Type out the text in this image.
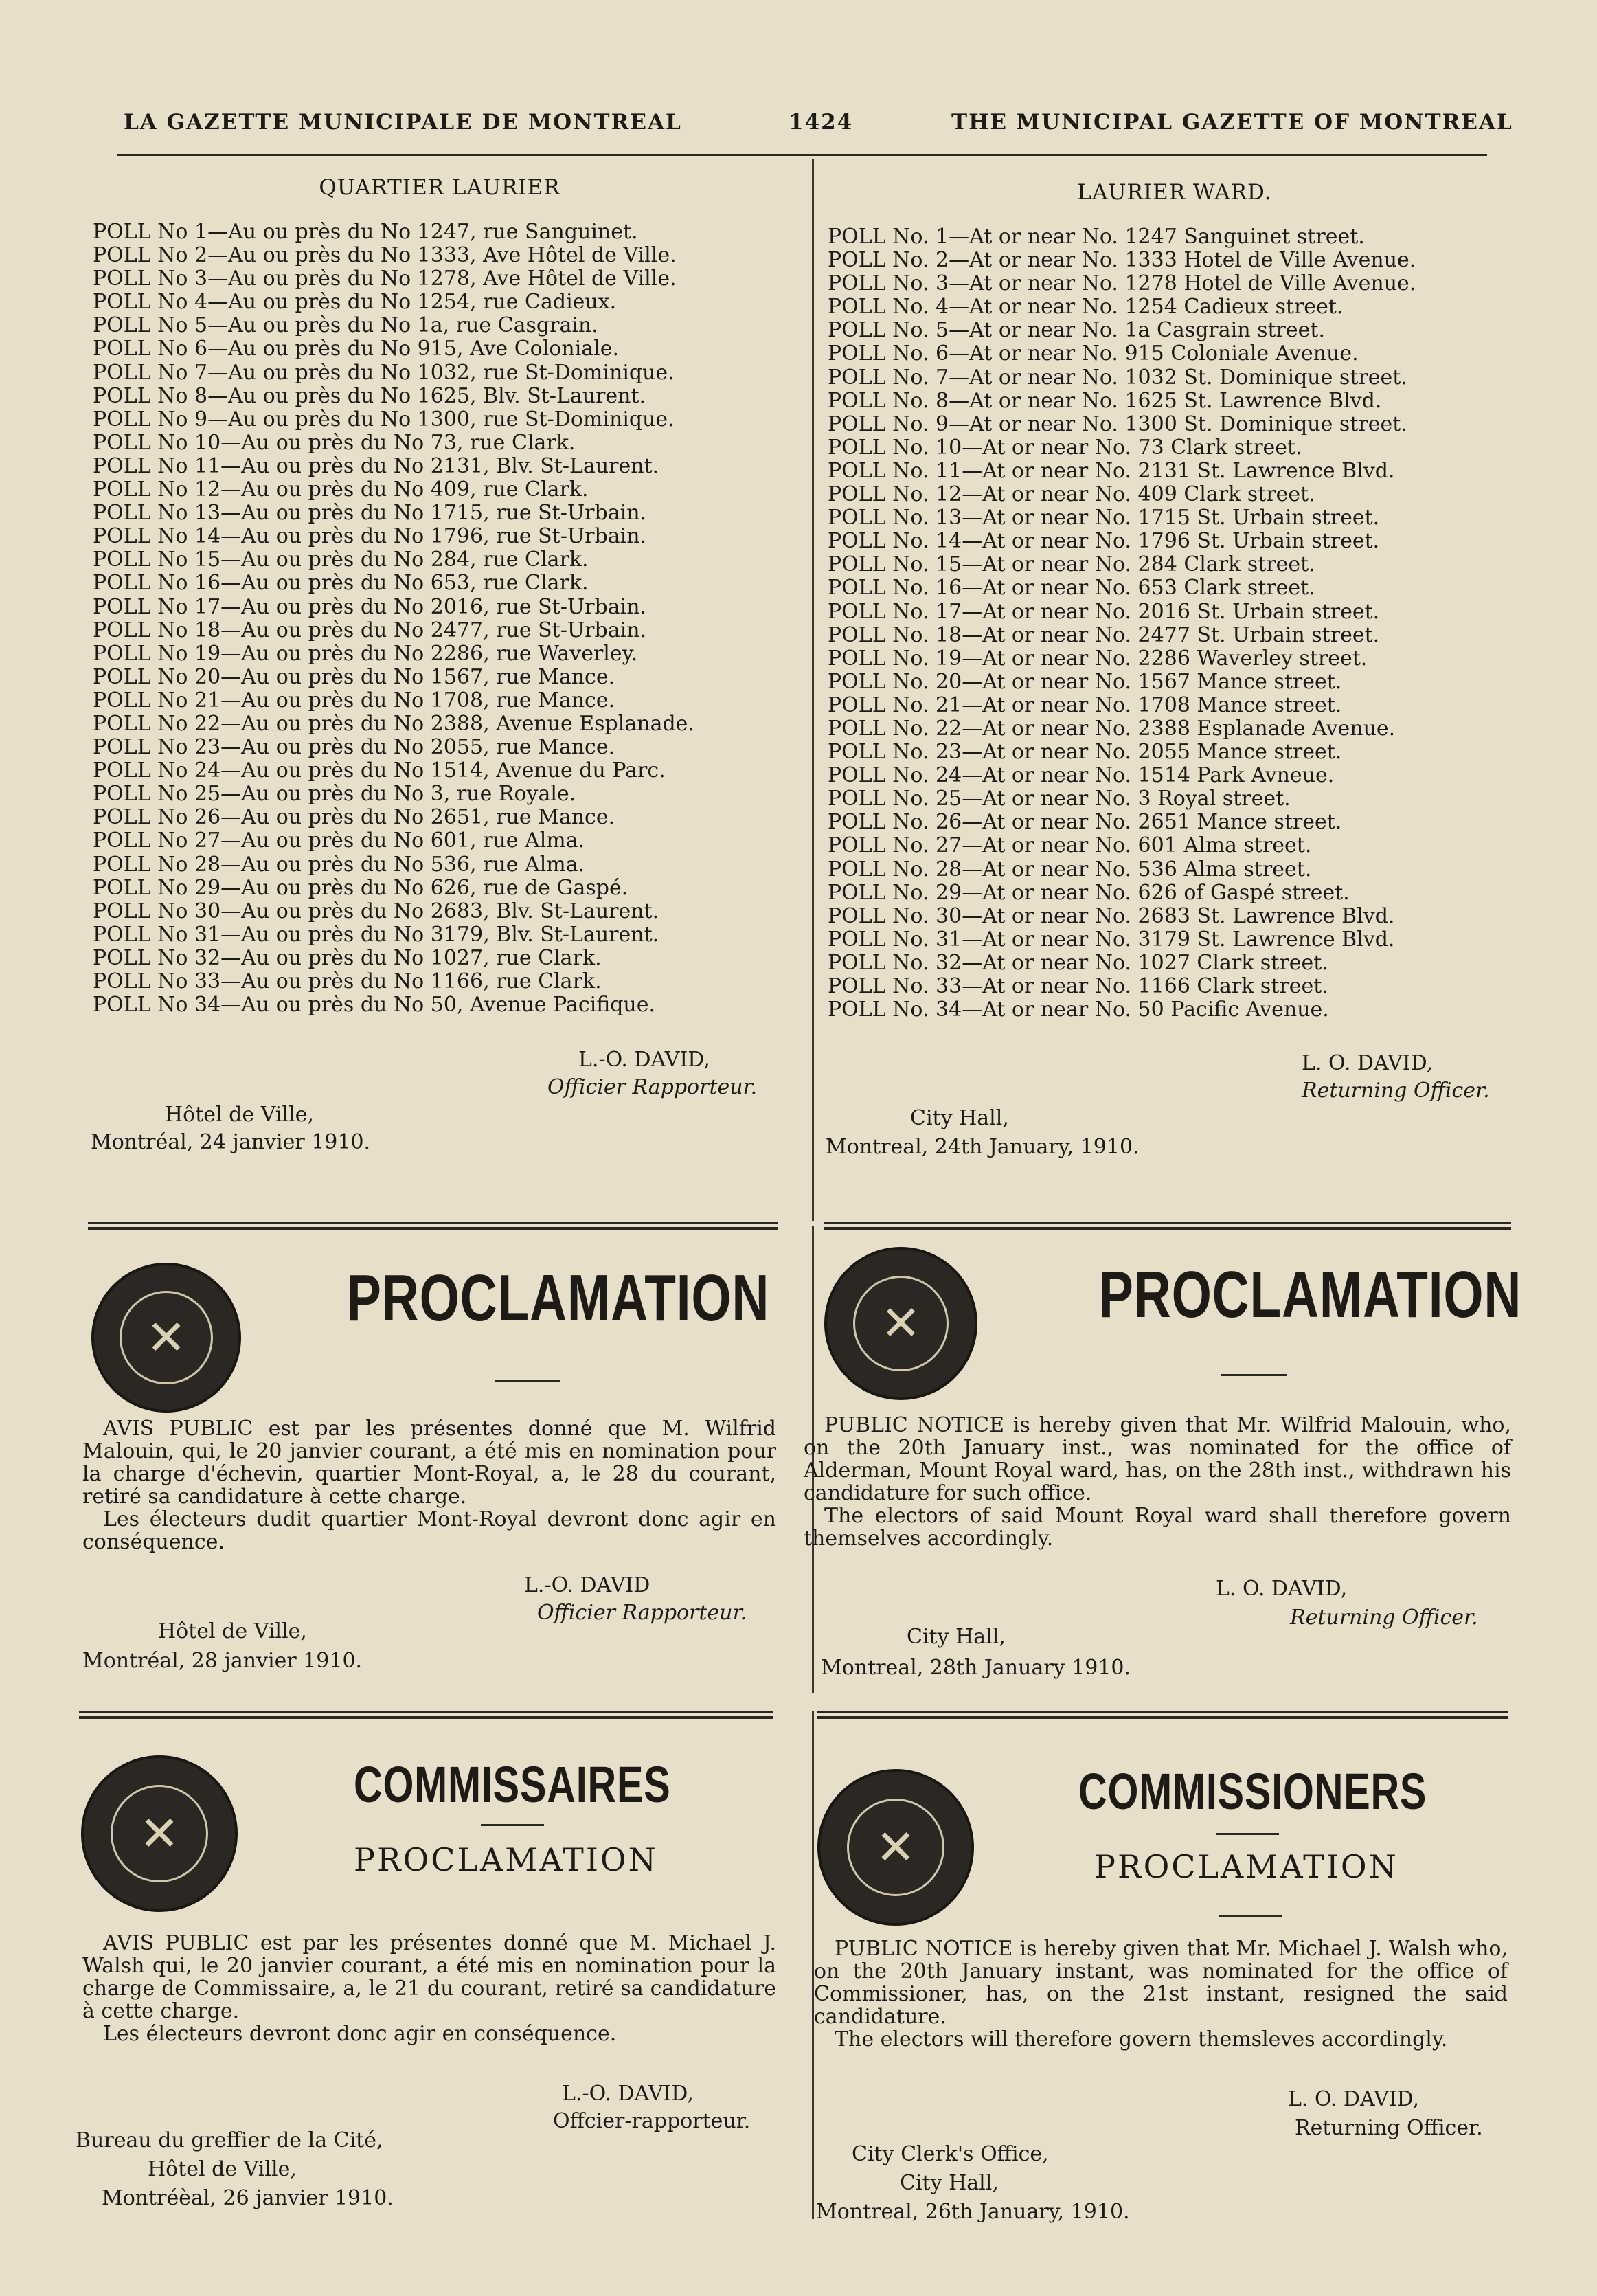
LA GAZETTE MUNICIPALE DE MONTREAL	1424	THE MUNICIPAL GAZETTE OF MONTREAL
QUARTIER LAURIER
POLL No 1—Au ou près du No 1247, rue Sanguinet.
POLL No 2—Au ou près du No 1333, Ave Hôtel de Ville.
POLL No 3—Au ou près du No 1278, Ave Hôtel de Ville.
POLL No 4—Au ou près du No 1254, rue Cadieux.
POLL No 5—Au ou près du No 1a, rue Casgrain.
POLL No 6—Au ou près du No 915, Ave Coloniale.
POLL No 7—Au ou près du No 1032, rue St-Dominique.
POLL No 8—Au ou près du No 1625, Blv. St-Laurent.
POLL No 9—Au ou près du No 1300, rue St-Dominique.
POLL No 10—Au ou près du No 73, rue Clark.
POLL No 11—Au ou près du No 2131, Blv. St-Laurent.
POLL No 12—Au ou près du No 409, rue Clark.
POLL No 13—Au ou près du No 1715, rue St-Urbain.
POLL No 14—Au ou près du No 1796, rue St-Urbain.
POLL No 15—Au ou près du No 284, rue Clark.
POLL No 16—Au ou près du No 653, rue Clark.
POLL No 17—Au ou près du No 2016, rue St-Urbain.
POLL No 18—Au ou près du No 2477, rue St-Urbain.
POLL No 19—Au ou près du No 2286, rue Waverley.
POLL No 20—Au ou près du No 1567, rue Mance.
POLL No 21—Au ou près du No 1708, rue Mance.
POLL No 22—Au ou près du No 2388, Avenue Esplanade.
POLL No 23—Au ou près du No 2055, rue Mance.
POLL No 24—Au ou près du No 1514, Avenue du Parc.
POLL No 25—Au ou près du No 3, rue Royale.
POLL No 26—Au ou près du No 2651, rue Mance.
POLL No 27—Au ou près du No 601, rue Alma.
POLL No 28—Au ou près du No 536, rue Alma.
POLL No 29—Au ou près du No 626, rue de Gaspé.
POLL No 30—Au ou près du No 2683, Blv. St-Laurent.
POLL No 31—Au ou près du No 3179, Blv. St-Laurent.
POLL No 32—Au ou près du No 1027, rue Clark.
POLL No 33—Au ou près du No 1166, rue Clark.
POLL No 34—Au ou près du No 50, Avenue Pacifique.
Officier Rapporteur.
L.-O. DAVID,
Hôtel de Ville,
Montréal, 24 janvier 1910.
LAURIER WARD.
POLL No. 1—At or near No. 1247 Sanguinet street.
POLL No. 2—At or near No. 1333 Hotel de Ville Avenue.
POLL No. 3—At or near No. 1278 Hotel de Ville Avenue.
POLL No. 4—At or near No. 1254 Cadieux street.
POLL No. 5—At or near No. 1a Casgrain street.
POLL No. 6—At or near No. 915 Coloniale Avenue.
POLL No. 7—At or near No. 1032 St. Dominique street.
POLL No. 8—At or near No. 1625 St. Lawrence Blvd.
POLL No. 9—At or near No. 1300 St. Dominique street.
POLL No. 10—At or near No. 73 Clark street.
POLL No. 11—At or near No. 2131 St. Lawrence Blvd.
POLL No. 12—At or near No. 409 Clark street.
POLL No. 13—At or near No. 1715 St. Urbain street.
POLL No. 14—At or near No. 1796 St. Urbain street.
POLL No. 15—At or near No. 284 Clark street.
POLL No. 16—At or near No. 653 Clark street.
POLL No. 17—At or near No. 2016 St. Urbain street.
POLL No. 18—At or near No. 2477 St. Urbain street.
POLL No. 19—At or near No. 2286 Waverley street.
POLL No. 20—At or near No. 1567 Mance street.
POLL No. 21—At or near No. 1708 Mance street.
POLL No. 22—At or near No. 2388 Esplanade Avenue.
POLL No. 23—At or near No. 2055 Mance street.
POLL No. 24—At or near No. 1514 Park Avneue.
POLL No. 25—At or near No. 3 Royal street.
POLL No. 26—At or near No. 2651 Mance street.
POLL No. 27—At or near No. 601 Alma street.
POLL No. 28—At or near No. 536 Alma street.
POLL No. 29—At or near No. 626 of Gaspé street.
POLL No. 30—At or near No. 2683 St. Lawrence Blvd.
POLL No. 31—At or near No. 3179 St. Lawrence Blvd.
POLL No. 32—At or near No. 1027 Clark street.
POLL No. 33—At or near No. 1166 Clark street.
POLL No. 34—At or near No. 50 Pacific Avenue.
L. O. DAVID,
Returning Officer.
City Hall,
Montreal, 24th January, 1910.
✕
PROCLAMATION

AVIS PUBLIC est par les présentes donné que M. Wilfrid Malouin, qui, le 20 janvier courant, a été mis en nomination pour la charge d'échevin, quartier Mont-Royal, a, le 28 du courant, retiré sa candidature à cette charge.

Les électeurs dudit quartier Mont-Royal devront donc agir en conséquence.

L.-O. DAVID
Officier Rapporteur.
Hôtel de Ville,
Montréal, 28 janvier 1910.
✕	PROCLAMATION

PUBLIC NOTICE is hereby given that Mr. Wilfrid Malouin, who, on the 20th January inst., was nominated for the office of Alderman, Mount Royal ward, has, on the 28th inst., withdrawn his candidature for such office.

The electors of said Mount Royal ward shall therefore govern themselves accordingly.

L. O. DAVID,
Returning Officer.
City Hall,
Montreal, 28th January 1910.
✕
COMMISSAIRES
PROCLAMATION

AVIS PUBLIC est par les présentes donné que M. Michael J. Walsh qui, le 20 janvier courant, a été mis en nomination pour la charge de Commissaire, a, le 21 du courant, retiré sa candidature à cette charge.

Les électeurs devront donc agir en conséquence.

L.-O. DAVID,
Offcier-rapporteur.
Bureau du greffier de la Cité,
Hôtel de Ville,
Montréèal, 26 janvier 1910.
✕
COMMISSIONERS
PROCLAMATION

PUBLIC NOTICE is hereby given that Mr. Michael J. Walsh who, on the 20th January instant, was nominated for the office of Commissioner, has, on the 21st instant, resigned the said candidature.

The electors will therefore govern themsleves accordingly.

L. O. DAVID,
Returning Officer.
City Clerk's Office,
City Hall,
Montreal, 26th January, 1910.
